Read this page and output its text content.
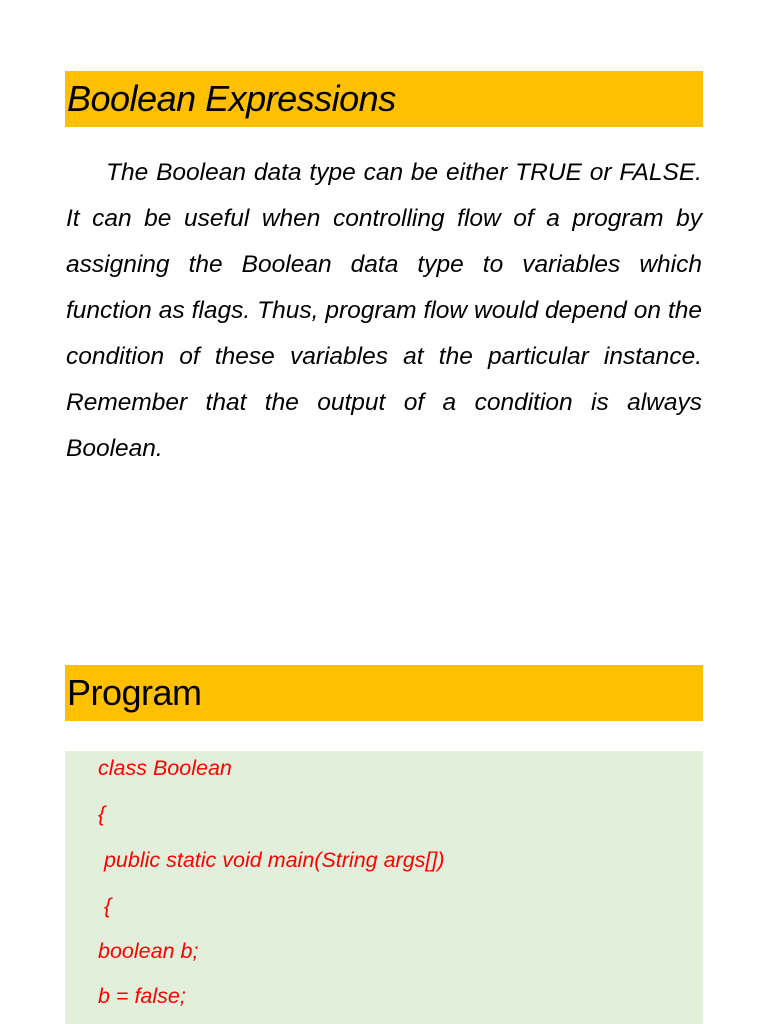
Boolean Expressions

The Boolean data type can be either TRUE or FALSE. It can be useful when controlling flow of a program by assigning the Boolean data type to variables which function as flags. Thus, program flow would depend on the condition of these variables at the particular instance. Remember that the output of a condition is always Boolean.

Program
class Boolean
{
public static void main(String args[])
{
boolean b;
b = false;
